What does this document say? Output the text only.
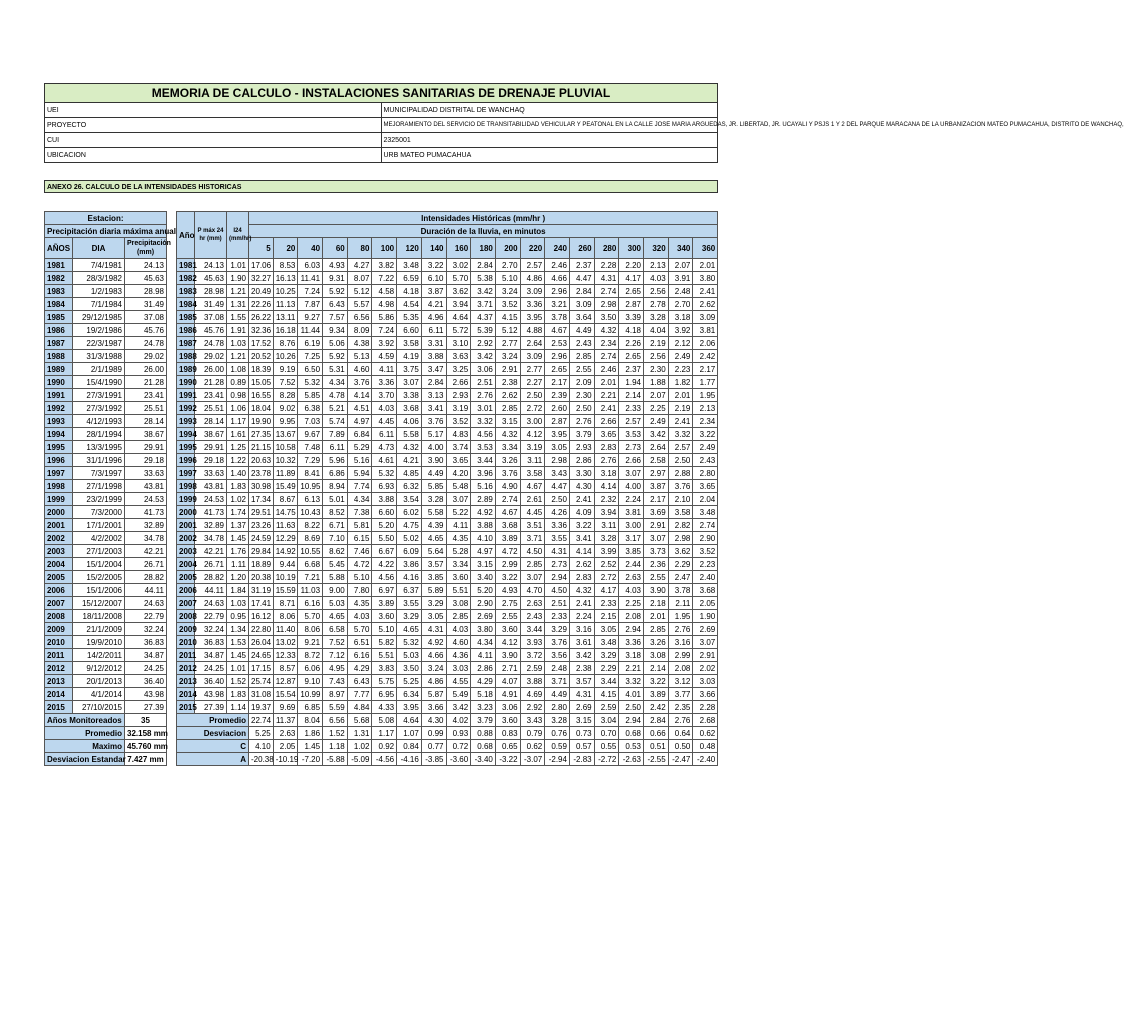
MEMORIA DE CALCULO - INSTALACIONES SANITARIAS DE DRENAJE PLUVIAL	
UEI	MUNICIPALIDAD DISTRITAL DE WANCHAQ
PROYECTO	MEJORAMIENTO DEL SERVICIO DE TRANSITABILIDAD VEHICULAR Y PEATONAL EN LA CALLE JOSE MARIA ARGUEDAS, JR. LIBERTAD, JR. UCAYALI Y PSJS 1 Y 2 DEL PARQUE MARACANA DE LA URBANIZACION MATEO PUMACAHUA, DISTRITO DE WANCHAQ,
CUI	2325001
UBICACION	URB MATEO PUMACAHUA
ANEXO 26. CALCULO DE LA INTENSIDADES HISTORICAS
Estacion:		
Precipitación diaria máxima anual		
AÑOS	DIA	Precipitación (mm)
1981	7/4/1981	24.13
1982	28/3/1982	45.63
1983	1/2/1983	28.98
1984	7/1/1984	31.49
1985	29/12/1985	37.08
1986	19/2/1986	45.76
1987	22/3/1987	24.78
1988	31/3/1988	29.02
1989	2/1/1989	26.00
1990	15/4/1990	21.28
1991	27/3/1991	23.41
1992	27/3/1992	25.51
1993	4/12/1993	28.14
1994	28/1/1994	38.67
1995	13/3/1995	29.91
1996	31/1/1996	29.18
1997	7/3/1997	33.63
1998	27/1/1998	43.81
1999	23/2/1999	24.53
2000	7/3/2000	41.73
2001	17/1/2001	32.89
2002	4/2/2002	34.78
2003	27/1/2003	42.21
2004	15/1/2004	26.71
2005	15/2/2005	28.82
2006	15/1/2006	44.11
2007	15/12/2007	24.63
2008	18/11/2008	22.79
2009	21/1/2009	32.24
2010	19/9/2010	36.83
2011	14/2/2011	34.87
2012	9/12/2012	24.25
2013	20/1/2013	36.40
2014	4/1/2014	43.98
2015	27/10/2015	27.39
Años Monitoreados		35
Promedio		32.158 mm
Maximo		45.760 mm
Desviacion Estandar		7.427 mm
Año	P máx 24 hr (mm)	I24 (mm/hr)	Intensidades Históricas (mm/hr )																		
			Duración de la lluvia, en minutos																		
			5	20	40	60	80	100	120	140	160	180	200	220	240	260	280	300	320	340	360
1981	24.13	1.01	17.06	8.53	6.03	4.93	4.27	3.82	3.48	3.22	3.02	2.84	2.70	2.57	2.46	2.37	2.28	2.20	2.13	2.07	2.01
1982	45.63	1.90	32.27	16.13	11.41	9.31	8.07	7.22	6.59	6.10	5.70	5.38	5.10	4.86	4.66	4.47	4.31	4.17	4.03	3.91	3.80
1983	28.98	1.21	20.49	10.25	7.24	5.92	5.12	4.58	4.18	3.87	3.62	3.42	3.24	3.09	2.96	2.84	2.74	2.65	2.56	2.48	2.41
1984	31.49	1.31	22.26	11.13	7.87	6.43	5.57	4.98	4.54	4.21	3.94	3.71	3.52	3.36	3.21	3.09	2.98	2.87	2.78	2.70	2.62
1985	37.08	1.55	26.22	13.11	9.27	7.57	6.56	5.86	5.35	4.96	4.64	4.37	4.15	3.95	3.78	3.64	3.50	3.39	3.28	3.18	3.09
1986	45.76	1.91	32.36	16.18	11.44	9.34	8.09	7.24	6.60	6.11	5.72	5.39	5.12	4.88	4.67	4.49	4.32	4.18	4.04	3.92	3.81
1987	24.78	1.03	17.52	8.76	6.19	5.06	4.38	3.92	3.58	3.31	3.10	2.92	2.77	2.64	2.53	2.43	2.34	2.26	2.19	2.12	2.06
1988	29.02	1.21	20.52	10.26	7.25	5.92	5.13	4.59	4.19	3.88	3.63	3.42	3.24	3.09	2.96	2.85	2.74	2.65	2.56	2.49	2.42
1989	26.00	1.08	18.39	9.19	6.50	5.31	4.60	4.11	3.75	3.47	3.25	3.06	2.91	2.77	2.65	2.55	2.46	2.37	2.30	2.23	2.17
1990	21.28	0.89	15.05	7.52	5.32	4.34	3.76	3.36	3.07	2.84	2.66	2.51	2.38	2.27	2.17	2.09	2.01	1.94	1.88	1.82	1.77
1991	23.41	0.98	16.55	8.28	5.85	4.78	4.14	3.70	3.38	3.13	2.93	2.76	2.62	2.50	2.39	2.30	2.21	2.14	2.07	2.01	1.95
1992	25.51	1.06	18.04	9.02	6.38	5.21	4.51	4.03	3.68	3.41	3.19	3.01	2.85	2.72	2.60	2.50	2.41	2.33	2.25	2.19	2.13
1993	28.14	1.17	19.90	9.95	7.03	5.74	4.97	4.45	4.06	3.76	3.52	3.32	3.15	3.00	2.87	2.76	2.66	2.57	2.49	2.41	2.34
1994	38.67	1.61	27.35	13.67	9.67	7.89	6.84	6.11	5.58	5.17	4.83	4.56	4.32	4.12	3.95	3.79	3.65	3.53	3.42	3.32	3.22
1995	29.91	1.25	21.15	10.58	7.48	6.11	5.29	4.73	4.32	4.00	3.74	3.53	3.34	3.19	3.05	2.93	2.83	2.73	2.64	2.57	2.49
1996	29.18	1.22	20.63	10.32	7.29	5.96	5.16	4.61	4.21	3.90	3.65	3.44	3.26	3.11	2.98	2.86	2.76	2.66	2.58	2.50	2.43
1997	33.63	1.40	23.78	11.89	8.41	6.86	5.94	5.32	4.85	4.49	4.20	3.96	3.76	3.58	3.43	3.30	3.18	3.07	2.97	2.88	2.80
1998	43.81	1.83	30.98	15.49	10.95	8.94	7.74	6.93	6.32	5.85	5.48	5.16	4.90	4.67	4.47	4.30	4.14	4.00	3.87	3.76	3.65
1999	24.53	1.02	17.34	8.67	6.13	5.01	4.34	3.88	3.54	3.28	3.07	2.89	2.74	2.61	2.50	2.41	2.32	2.24	2.17	2.10	2.04
2000	41.73	1.74	29.51	14.75	10.43	8.52	7.38	6.60	6.02	5.58	5.22	4.92	4.67	4.45	4.26	4.09	3.94	3.81	3.69	3.58	3.48
2001	32.89	1.37	23.26	11.63	8.22	6.71	5.81	5.20	4.75	4.39	4.11	3.88	3.68	3.51	3.36	3.22	3.11	3.00	2.91	2.82	2.74
2002	34.78	1.45	24.59	12.29	8.69	7.10	6.15	5.50	5.02	4.65	4.35	4.10	3.89	3.71	3.55	3.41	3.28	3.17	3.07	2.98	2.90
2003	42.21	1.76	29.84	14.92	10.55	8.62	7.46	6.67	6.09	5.64	5.28	4.97	4.72	4.50	4.31	4.14	3.99	3.85	3.73	3.62	3.52
2004	26.71	1.11	18.89	9.44	6.68	5.45	4.72	4.22	3.86	3.57	3.34	3.15	2.99	2.85	2.73	2.62	2.52	2.44	2.36	2.29	2.23
2005	28.82	1.20	20.38	10.19	7.21	5.88	5.10	4.56	4.16	3.85	3.60	3.40	3.22	3.07	2.94	2.83	2.72	2.63	2.55	2.47	2.40
2006	44.11	1.84	31.19	15.59	11.03	9.00	7.80	6.97	6.37	5.89	5.51	5.20	4.93	4.70	4.50	4.32	4.17	4.03	3.90	3.78	3.68
2007	24.63	1.03	17.41	8.71	6.16	5.03	4.35	3.89	3.55	3.29	3.08	2.90	2.75	2.63	2.51	2.41	2.33	2.25	2.18	2.11	2.05
2008	22.79	0.95	16.12	8.06	5.70	4.65	4.03	3.60	3.29	3.05	2.85	2.69	2.55	2.43	2.33	2.24	2.15	2.08	2.01	1.95	1.90
2009	32.24	1.34	22.80	11.40	8.06	6.58	5.70	5.10	4.65	4.31	4.03	3.80	3.60	3.44	3.29	3.16	3.05	2.94	2.85	2.76	2.69
2010	36.83	1.53	26.04	13.02	9.21	7.52	6.51	5.82	5.32	4.92	4.60	4.34	4.12	3.93	3.76	3.61	3.48	3.36	3.26	3.16	3.07
2011	34.87	1.45	24.65	12.33	8.72	7.12	6.16	5.51	5.03	4.66	4.36	4.11	3.90	3.72	3.56	3.42	3.29	3.18	3.08	2.99	2.91
2012	24.25	1.01	17.15	8.57	6.06	4.95	4.29	3.83	3.50	3.24	3.03	2.86	2.71	2.59	2.48	2.38	2.29	2.21	2.14	2.08	2.02
2013	36.40	1.52	25.74	12.87	9.10	7.43	6.43	5.75	5.25	4.86	4.55	4.29	4.07	3.88	3.71	3.57	3.44	3.32	3.22	3.12	3.03
2014	43.98	1.83	31.08	15.54	10.99	8.97	7.77	6.95	6.34	5.87	5.49	5.18	4.91	4.69	4.49	4.31	4.15	4.01	3.89	3.77	3.66
2015	27.39	1.14	19.37	9.69	6.85	5.59	4.84	4.33	3.95	3.66	3.42	3.23	3.06	2.92	2.80	2.69	2.59	2.50	2.42	2.35	2.28
Promedio			22.74	11.37	8.04	6.56	5.68	5.08	4.64	4.30	4.02	3.79	3.60	3.43	3.28	3.15	3.04	2.94	2.84	2.76	2.68
Desviacion			5.25	2.63	1.86	1.52	1.31	1.17	1.07	0.99	0.93	0.88	0.83	0.79	0.76	0.73	0.70	0.68	0.66	0.64	0.62
C			4.10	2.05	1.45	1.18	1.02	0.92	0.84	0.77	0.72	0.68	0.65	0.62	0.59	0.57	0.55	0.53	0.51	0.50	0.48
A			-20.38	-10.19	-7.20	-5.88	-5.09	-4.56	-4.16	-3.85	-3.60	-3.40	-3.22	-3.07	-2.94	-2.83	-2.72	-2.63	-2.55	-2.47	-2.40
